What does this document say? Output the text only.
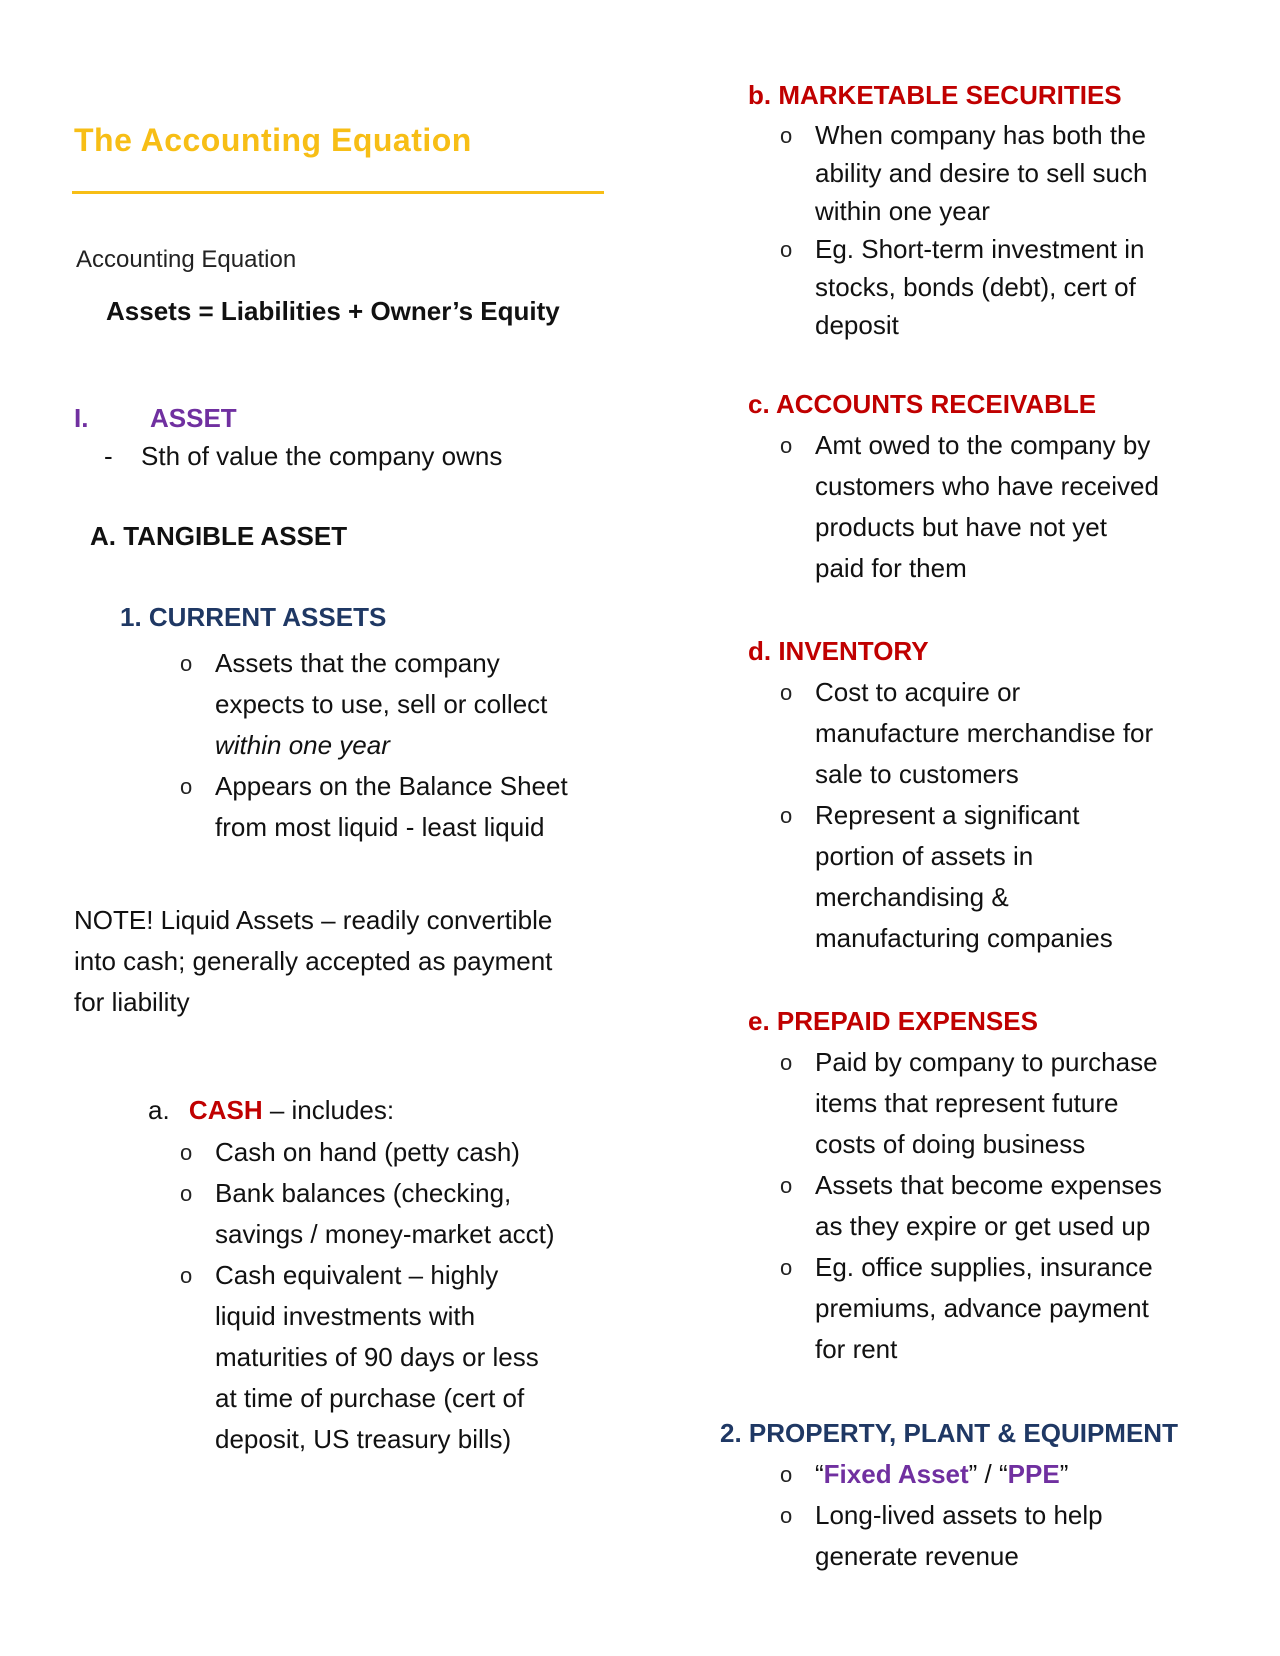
The Accounting Equation
Accounting Equation
Assets = Liabilities + Owner’s Equity
I. ASSET
- Sth of value the company owns
A. TANGIBLE ASSET
1. CURRENT ASSETS
o Assets that the company
expects to use, sell or collect
within one year
o Appears on the Balance Sheet
from most liquid - least liquid
NOTE! Liquid Assets – readily convertible
into cash; generally accepted as payment
for liability
a. CASH – includes:
o Cash on hand (petty cash)
o Bank balances (checking,
savings / money-market acct)
o Cash equivalent – highly
liquid investments with
maturities of 90 days or less
at time of purchase (cert of
deposit, US treasury bills)
b. MARKETABLE SECURITIES
o When company has both the
ability and desire to sell such
within one year
o Eg. Short-term investment in
stocks, bonds (debt), cert of
deposit
c. ACCOUNTS RECEIVABLE
o Amt owed to the company by
customers who have received
products but have not yet
paid for them
d. INVENTORY
o Cost to acquire or
manufacture merchandise for
sale to customers
o Represent a significant
portion of assets in
merchandising &
manufacturing companies
e. PREPAID EXPENSES
o Paid by company to purchase
items that represent future
costs of doing business
o Assets that become expenses
as they expire or get used up
o Eg. office supplies, insurance
premiums, advance payment
for rent
2. PROPERTY, PLANT & EQUIPMENT
o “Fixed Asset” / “PPE”
o Long-lived assets to help
generate revenue
